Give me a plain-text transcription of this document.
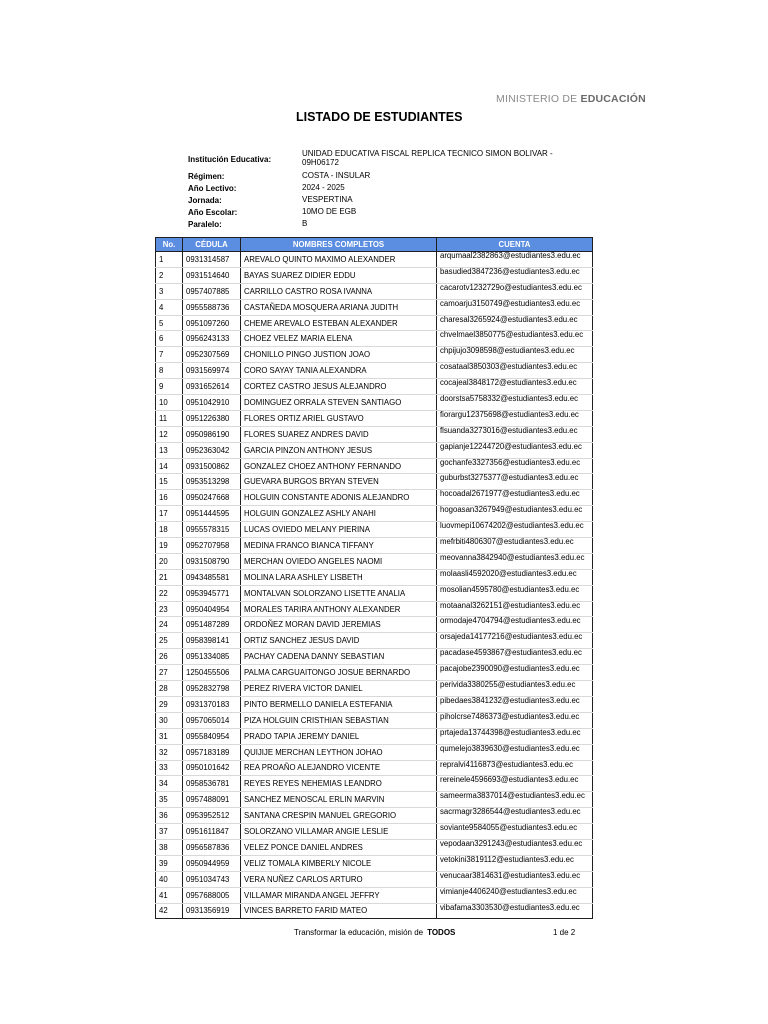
MINISTERIO DE EDUCACIÓN
LISTADO DE ESTUDIANTES
Institución Educativa:
UNIDAD EDUCATIVA FISCAL REPLICA TECNICO SIMON BOLIVAR -
09H06172
Régimen:	COSTA - INSULAR
Año Lectivo:	2024 - 2025
Jornada:	VESPERTINA
Año Escolar:	10MO DE EGB
Paralelo:	B
No.	CÉDULA	NOMBRES COMPLETOS	CUENTA
1	0931314587	AREVALO QUINTO MAXIMO ALEXANDER	arqumaal2382863@estudiantes3.edu.ec
2	0931514640	BAYAS SUAREZ DIDIER EDDU	basudied3847236@estudiantes3.edu.ec
3	0957407885	CARRILLO CASTRO ROSA IVANNA	cacarotv1232729o@estudiantes3.edu.ec
4	0955588736	CASTAÑEDA MOSQUERA ARIANA JUDITH	camoarju3150749@estudiantes3.edu.ec
5	0951097260	CHEME AREVALO ESTEBAN ALEXANDER	charesal3265924@estudiantes3.edu.ec
6	0956243133	CHOEZ VELEZ MARIA ELENA	chvelmael3850775@estudiantes3.edu.ec
7	0952307569	CHONILLO PINGO JUSTION JOAO	chpijujo3098598@estudiantes3.edu.ec
8	0931569974	CORO SAYAY TANIA ALEXANDRA	cosataal3850303@estudiantes3.edu.ec
9	0931652614	CORTEZ CASTRO JESUS ALEJANDRO	cocajeal3848172@estudiantes3.edu.ec
10	0951042910	DOMINGUEZ ORRALA STEVEN SANTIAGO	doorstsa5758332@estudiantes3.edu.ec
11	0951226380	FLORES ORTIZ ARIEL GUSTAVO	fiorargu12375698@estudiantes3.edu.ec
12	0950986190	FLORES SUAREZ ANDRES DAVID	flsuanda3273016@estudiantes3.edu.ec
13	0952363042	GARCIA PINZON ANTHONY JESUS	gapianje12244720@estudiantes3.edu.ec
14	0931500862	GONZALEZ CHOEZ ANTHONY FERNANDO	gochanfe3327356@estudiantes3.edu.ec
15	0953513298	GUEVARA BURGOS BRYAN STEVEN	guburbst3275377@estudiantes3.edu.ec
16	0950247668	HOLGUIN CONSTANTE ADONIS ALEJANDRO	hocoadal2671977@estudiantes3.edu.ec
17	0951444595	HOLGUIN GONZALEZ ASHLY ANAHI	hogoasan3267949@estudiantes3.edu.ec
18	0955578315	LUCAS OVIEDO MELANY PIERINA	luovmepi10674202@estudiantes3.edu.ec
19	0952707958	MEDINA FRANCO BIANCA TIFFANY	mefrbiti4806307@estudiantes3.edu.ec
20	0931508790	MERCHAN OVIEDO ANGELES NAOMI	meovanna3842940@estudiantes3.edu.ec
21	0943485581	MOLINA LARA ASHLEY LISBETH	molaasli4592020@estudiantes3.edu.ec
22	0953945771	MONTALVAN SOLORZANO LISETTE ANALIA	mosolian4595780@estudiantes3.edu.ec
23	0950404954	MORALES TARIRA ANTHONY ALEXANDER	motaanal3262151@estudiantes3.edu.ec
24	0951487289	ORDOÑEZ MORAN DAVID JEREMIAS	ormodaje4704794@estudiantes3.edu.ec
25	0958398141	ORTIZ SANCHEZ JESUS DAVID	orsajeda14177216@estudiantes3.edu.ec
26	0951334085	PACHAY CADENA DANNY SEBASTIAN	pacadase4593867@estudiantes3.edu.ec
27	1250455506	PALMA CARGUAITONGO JOSUE BERNARDO	pacajobe2390090@estudiantes3.edu.ec
28	0952832798	PEREZ RIVERA VICTOR DANIEL	perivida3380255@estudiantes3.edu.ec
29	0931370183	PINTO BERMELLO DANIELA ESTEFANIA	pibedaes3841232@estudiantes3.edu.ec
30	0957065014	PIZA HOLGUIN CRISTHIAN SEBASTIAN	piholcrse7486373@estudiantes3.edu.ec
31	0955840954	PRADO TAPIA JEREMY DANIEL	prtajeda13744398@estudiantes3.edu.ec
32	0957183189	QUIJIJE MERCHAN LEYTHON JOHAO	qumelejo3839630@estudiantes3.edu.ec
33	0950101642	REA PROAÑO ALEJANDRO VICENTE	repralvi4116873@estudiantes3.edu.ec
34	0958536781	REYES REYES NEHEMIAS LEANDRO	rereinele4596693@estudiantes3.edu.ec
35	0957488091	SANCHEZ MENOSCAL ERLIN MARVIN	sameerma3837014@estudiantes3.edu.ec
36	0953952512	SANTANA CRESPIN MANUEL GREGORIO	sacrmagr3286544@estudiantes3.edu.ec
37	0951611847	SOLORZANO VILLAMAR ANGIE LESLIE	soviante9584055@estudiantes3.edu.ec
38	0956587836	VELEZ PONCE DANIEL ANDRES	vepodaan3291243@estudiantes3.edu.ec
39	0950944959	VELIZ TOMALA KIMBERLY NICOLE	vetokini3819112@estudiantes3.edu.ec
40	0951034743	VERA NUÑEZ CARLOS ARTURO	venucaar3814631@estudiantes3.edu.ec
41	0957688005	VILLAMAR MIRANDA ANGEL JEFFRY	vimianje4406240@estudiantes3.edu.ec
42	0931356919	VINCES BARRETO FARID MATEO	vibafama3303530@estudiantes3.edu.ec
Transformar la educación, misión de TODOS	1 de 2
